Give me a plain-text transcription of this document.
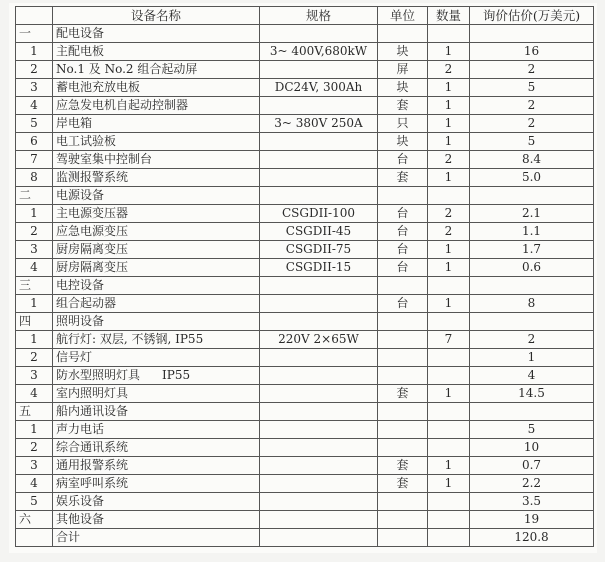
	设备名称	规格	单位	数量	询价估价(万美元)
一	配电设备				
1	主配电板	3~ 400V,680kW	块	1	16
2	No.1 及 No.2 组合起动屏		屏	2	2
3	蓄电池充放电板	DC24V, 300Ah	块	1	5
4	应急发电机自起动控制器		套	1	2
5	岸电箱	3~ 380V 250A	只	1	2
6	电工试验板		块	1	5
7	驾驶室集中控制台		台	2	8.4
8	监测报警系统		套	1	5.0
二	电源设备				
1	主电源变压器	CSGDII-100	台	2	2.1
2	应急电源变压	CSGDII-45	台	2	1.1
3	厨房隔离变压	CSGDII-75	台	1	1.7
4	厨房隔离变压	CSGDII-15	台	1	0.6
三	电控设备				
1	组合起动器		台	1	8
四	照明设备				
1	航行灯: 双层, 不锈钢, IP55	220V 2×65W		7	2
2	信号灯				1
3	防水型照明灯具 IP55				4
4	室内照明灯具		套	1	14.5
五	船内通讯设备				
1	声力电话				5
2	综合通讯系统				10
3	通用报警系统		套	1	0.7
4	病室呼叫系统		套	1	2.2
5	娱乐设备				3.5
六	其他设备				19
	合计				120.8
